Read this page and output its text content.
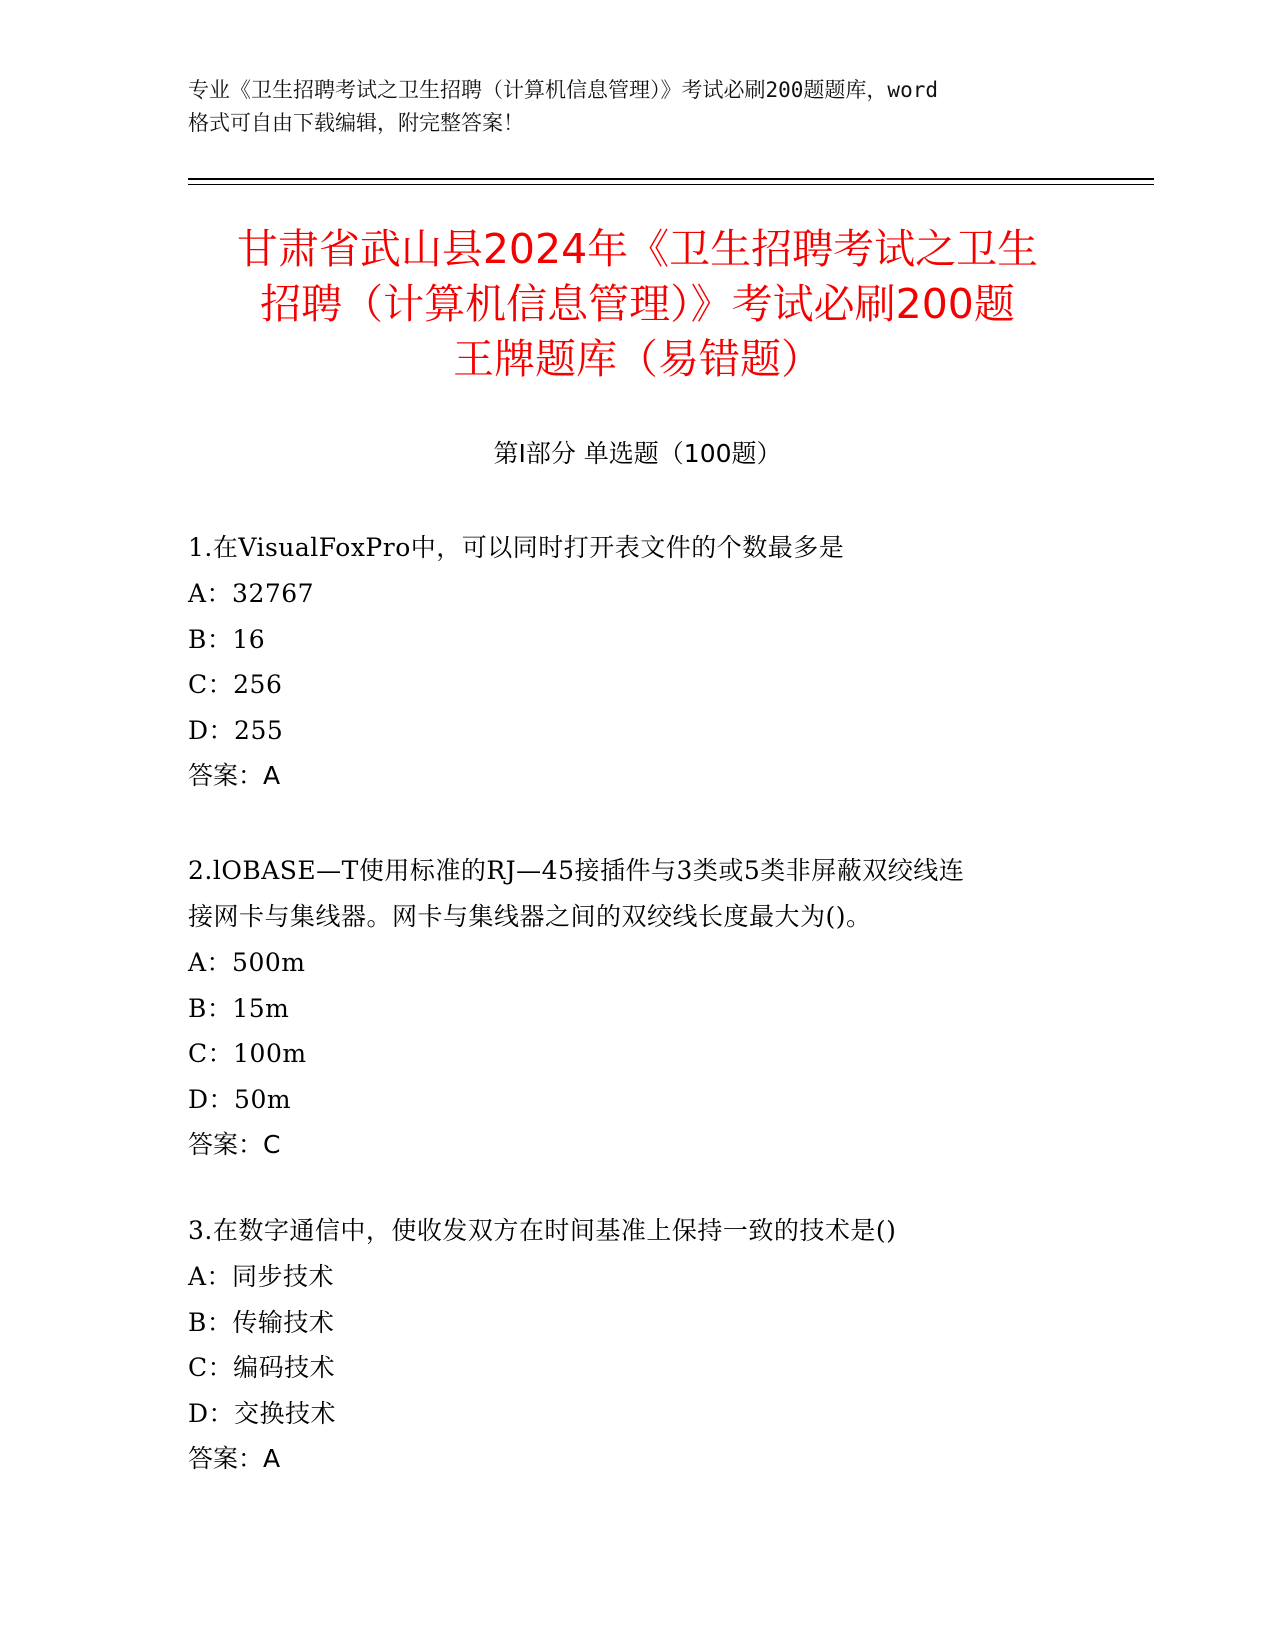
专业《卫生招聘考试之卫生招聘（计算机信息管理）》考试必刷200题题库，word
格式可自由下载编辑，附完整答案！
甘肃省武山县2024年《卫生招聘考试之卫生
招聘（计算机信息管理）》考试必刷200题
王牌题库（易错题）
第Ⅰ部分 单选题（100题）
1.在VisualFoxPro中，可以同时打开表文件的个数最多是
A：32767
B：16
C：256
D：255
答案：A
2.lOBASE—T使用标准的RJ—45接插件与3类或5类非屏蔽双绞线连
接网卡与集线器。网卡与集线器之间的双绞线长度最大为()。
A：500m
B：15m
C：100m
D：50m
答案：C
3.在数字通信中，使收发双方在时间基准上保持一致的技术是()
A：同步技术
B：传输技术
C：编码技术
D：交换技术
答案：A
